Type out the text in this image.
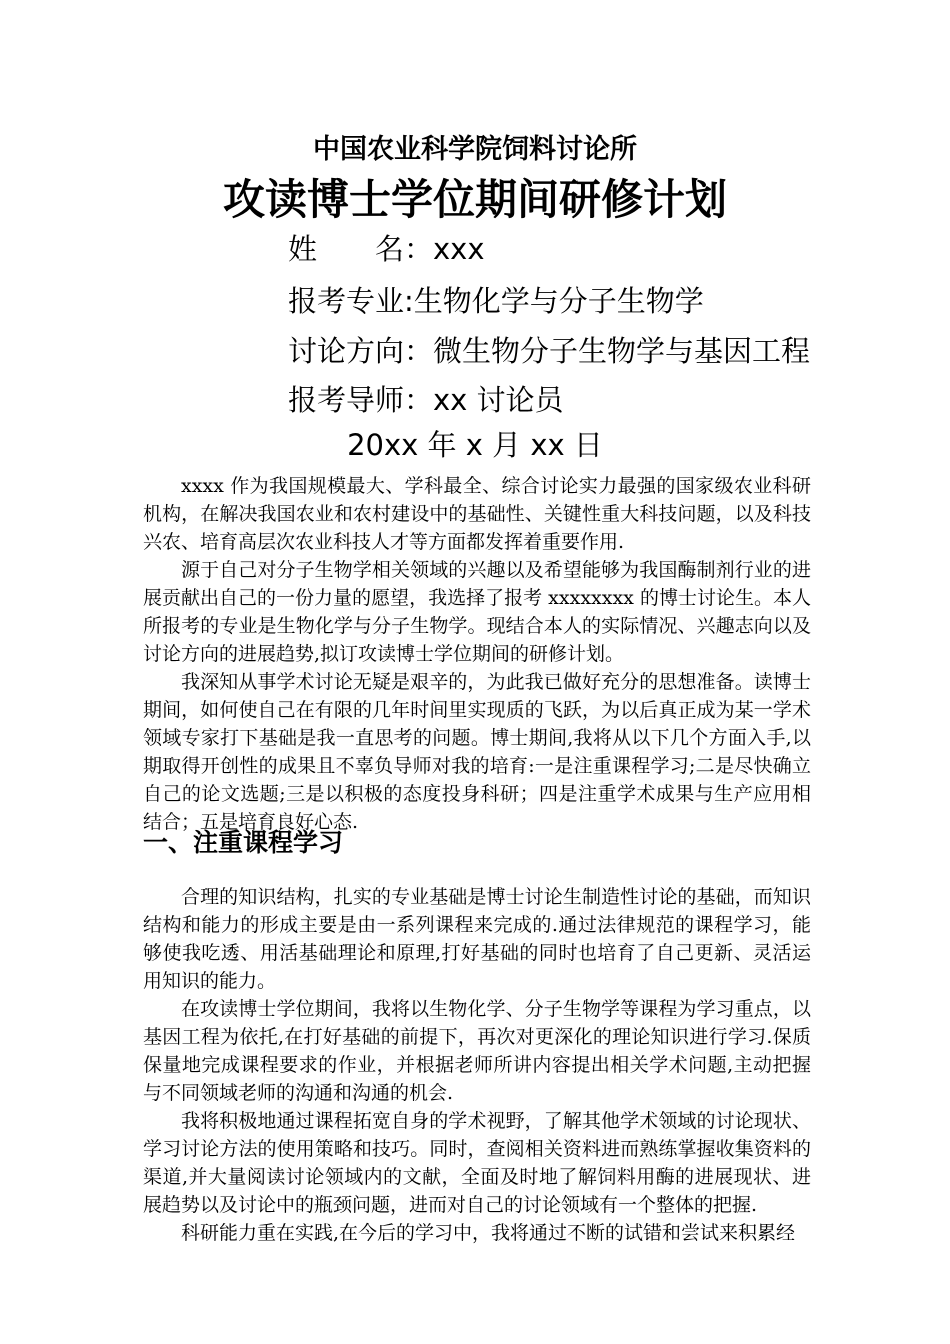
中国农业科学院饲料讨论所
攻读博士学位期间研修计划
姓　　名：xxx
报考专业:生物化学与分子生物学
讨论方向：微生物分子生物学与基因工程
报考导师：xx 讨论员
20xx 年 x 月 xx 日

xxxx 作为我国规模最大、学科最全、综合讨论实力最强的国家级农业科研机构，在解决我国农业和农村建设中的基础性、关键性重大科技问题，以及科技兴农、培育高层次农业科技人才等方面都发挥着重要作用.

源于自己对分子生物学相关领域的兴趣以及希望能够为我国酶制剂行业的进展贡献出自己的一份力量的愿望，我选择了报考 xxxxxxxx 的博士讨论生。本人所报考的专业是生物化学与分子生物学。现结合本人的实际情况、兴趣志向以及讨论方向的进展趋势,拟订攻读博士学位期间的研修计划。

我深知从事学术讨论无疑是艰辛的，为此我已做好充分的思想准备。读博士期间，如何使自己在有限的几年时间里实现质的飞跃，为以后真正成为某一学术领域专家打下基础是我一直思考的问题。博士期间,我将从以下几个方面入手,以期取得开创性的成果且不辜负导师对我的培育:一是注重课程学习;二是尽快确立自己的论文选题;三是以积极的态度投身科研；四是注重学术成果与生产应用相结合；五是培育良好心态.

一、注重课程学习

合理的知识结构，扎实的专业基础是博士讨论生制造性讨论的基础，而知识结构和能力的形成主要是由一系列课程来完成的.通过法律规范的课程学习，能够使我吃透、用活基础理论和原理,打好基础的同时也培育了自己更新、灵活运用知识的能力。

在攻读博士学位期间，我将以生物化学、分子生物学等课程为学习重点，以基因工程为依托,在打好基础的前提下，再次对更深化的理论知识进行学习.保质保量地完成课程要求的作业，并根据老师所讲内容提出相关学术问题,主动把握与不同领域老师的沟通和沟通的机会.

我将积极地通过课程拓宽自身的学术视野，了解其他学术领域的讨论现状、学习讨论方法的使用策略和技巧。同时，查阅相关资料进而熟练掌握收集资料的渠道,并大量阅读讨论领域内的文献，全面及时地了解饲料用酶的进展现状、进展趋势以及讨论中的瓶颈问题，进而对自己的讨论领域有一个整体的把握.

科研能力重在实践,在今后的学习中，我将通过不断的试错和尝试来积累经
